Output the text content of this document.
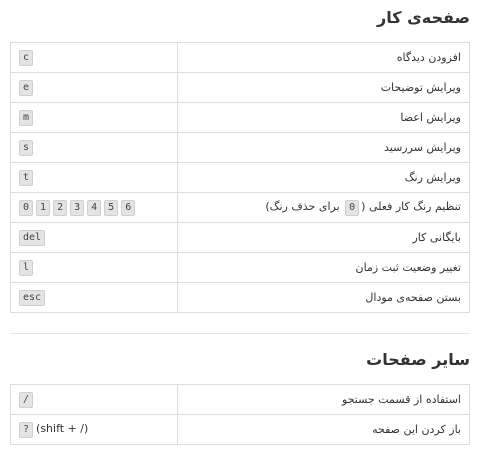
صفحه‌ی کار
افزودن دیدگاه	c
ویرایش توضیحات	e
ویرایش اعضا	m
ویرایش سررسید	s
ویرایش رنگ	t
تنظیم رنگ کار فعلی (0 برای حذف رنگ)	0 1 2 3 4 5 6
بایگانی کار	del
تغییر وضعیت ثبت زمان	l
بستن صفحه‌ی مودال	esc
سایر صفحات
استفاده از قسمت جستجو	/
باز کردن این صفحه	?(shift + /)
